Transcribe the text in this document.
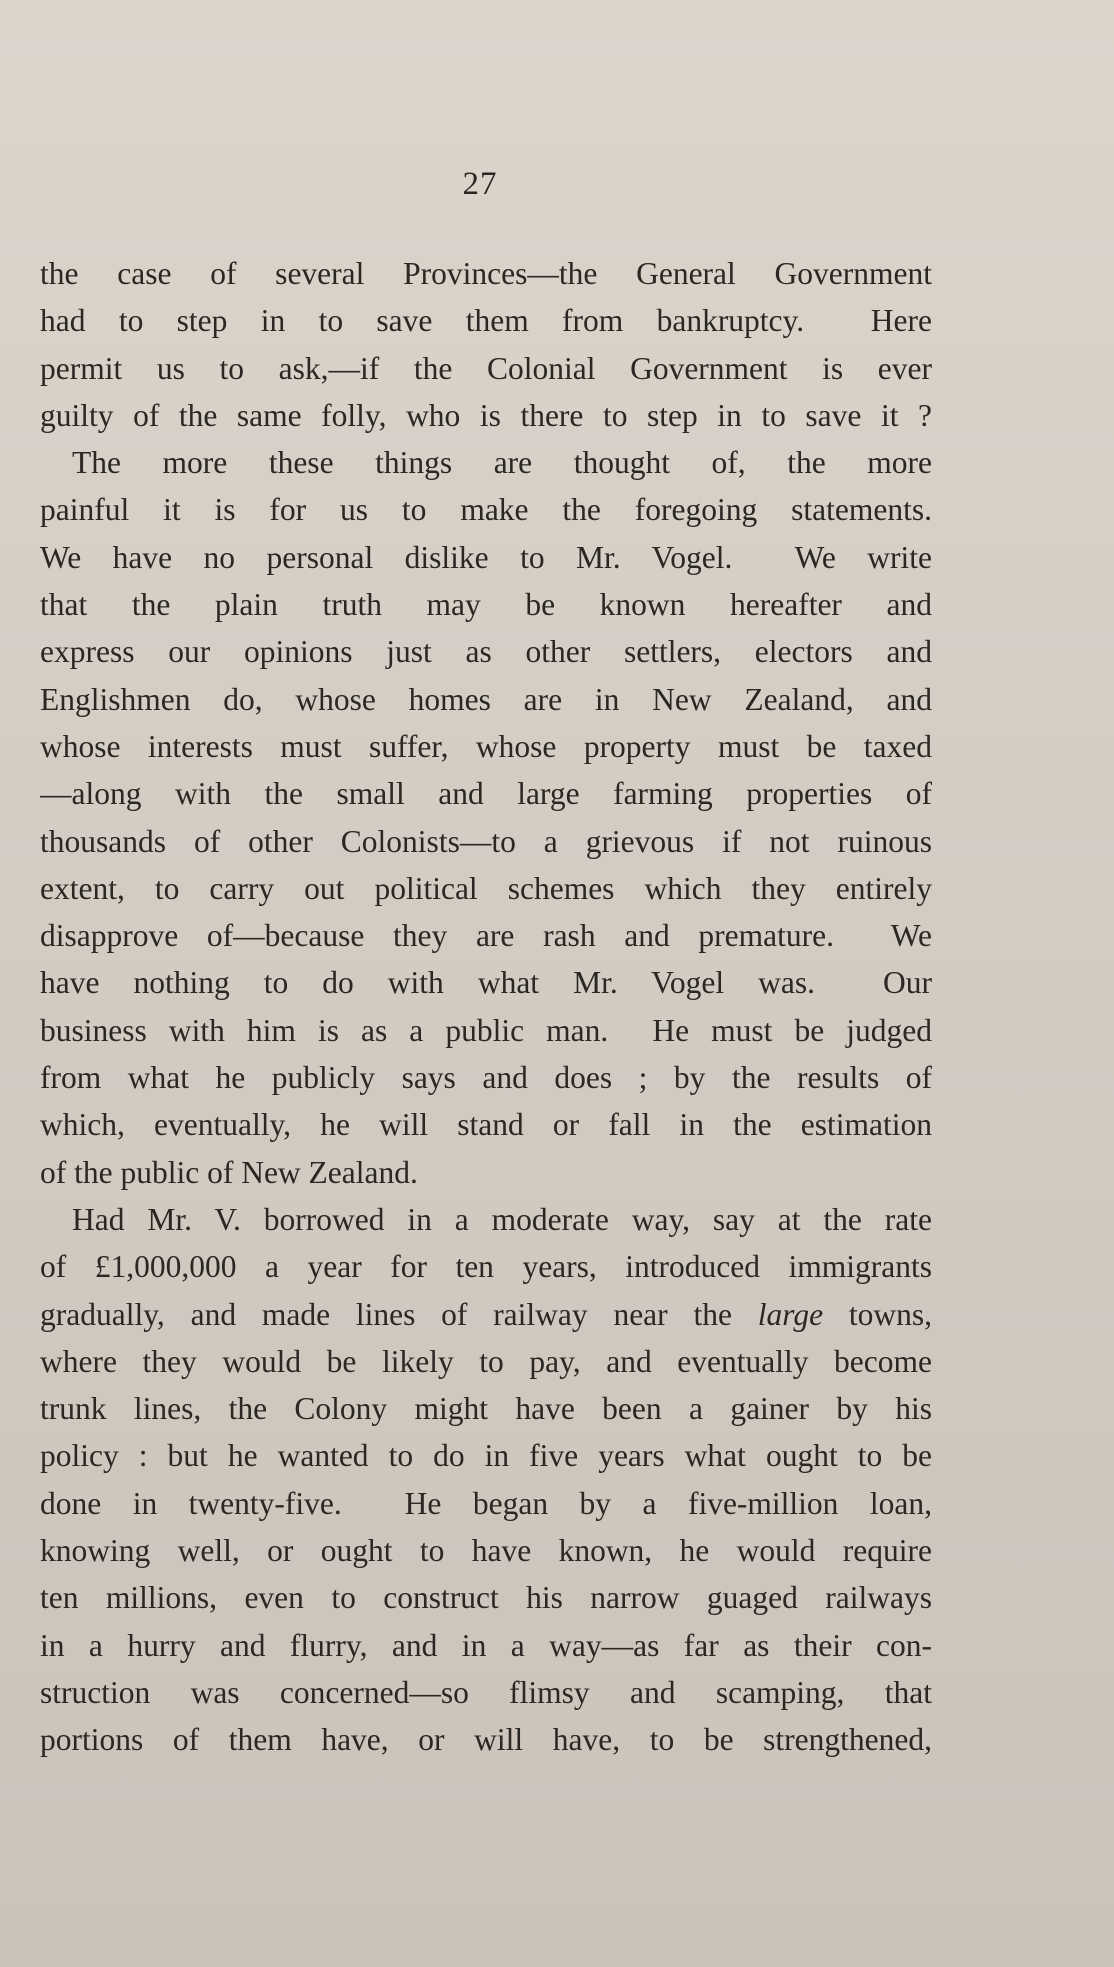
27
the case of several Provinces—the General Government
had to step in to save them from bankruptcy.  Here
permit us to ask,—if the Colonial Government is ever
guilty of the same folly, who is there to step in to save it ?
The more these things are thought of, the more
painful it is for us to make the foregoing statements.
We have no personal dislike to Mr. Vogel.  We write
that the plain truth may be known hereafter and
express our opinions just as other settlers, electors and
Englishmen do, whose homes are in New Zealand, and
whose interests must suffer, whose property must be taxed
—along with the small and large farming properties of
thousands of other Colonists—to a grievous if not ruinous
extent, to carry out political schemes which they entirely
disapprove of—because they are rash and premature.  We
have nothing to do with what Mr. Vogel was.  Our
business with him is as a public man.  He must be judged
from what he publicly says and does ; by the results of
which, eventually, he will stand or fall in the estimation
of the public of New Zealand.
Had Mr. V. borrowed in a moderate way, say at the rate
of £1,000,000 a year for ten years, introduced immigrants
gradually, and made lines of railway near the large towns,
where they would be likely to pay, and eventually become
trunk lines, the Colony might have been a gainer by his
policy : but he wanted to do in five years what ought to be
done in twenty-five.  He began by a five-million loan,
knowing well, or ought to have known, he would require
ten millions, even to construct his narrow guaged railways
in a hurry and flurry, and in a way—as far as their con-
struction was concerned—so flimsy and scamping, that
portions of them have, or will have, to be strengthened,
